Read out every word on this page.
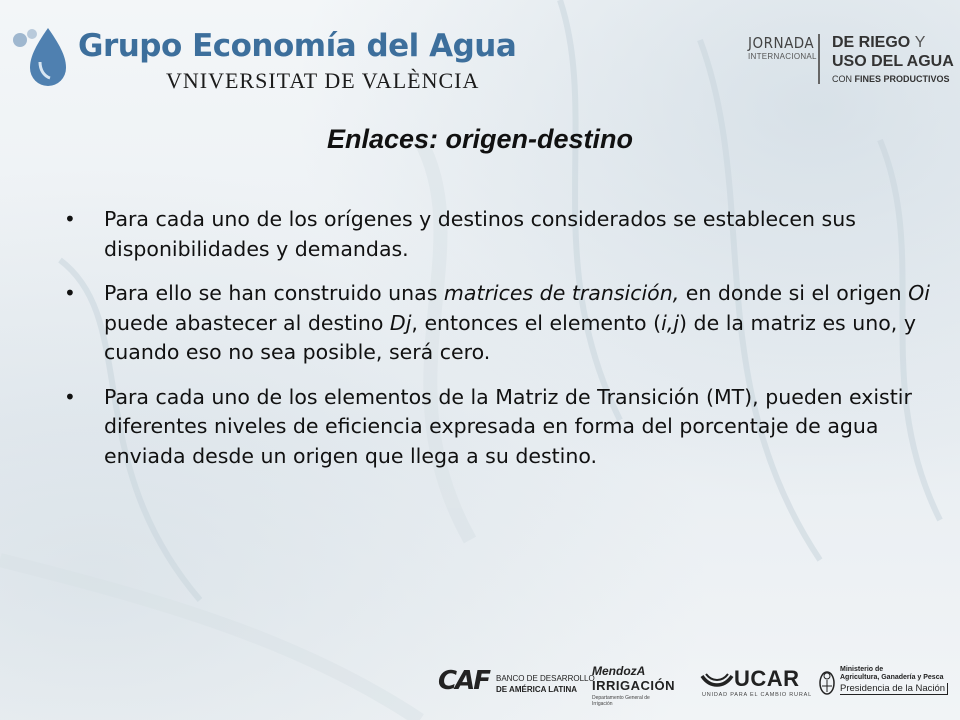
Grupo Economía del Agua
VNIVERSITAT DE VALÈNCIA
JORNADA
INTERNACIONAL
DE RIEGO Y
USO DEL AGUA
CON FINES PRODUCTIVOS
Enlaces: origen-destino
• Para cada uno de los orígenes y destinos considerados se establecen sus disponibilidades y demandas.
• Para ello se han construido unas matrices de transición, en donde si el origen Oi puede abastecer al destino Dj, entonces el elemento (i,j) de la matriz es uno, y cuando eso no sea posible, será cero.
• Para cada uno de los elementos de la Matriz de Transición (MT), pueden existir diferentes niveles de eficiencia expresada en forma del porcentaje de agua enviada desde un origen que llega a su destino.
CAF BANCO DE DESARROLLO
DE AMÉRICA LATINA
MendozA
IRRIGACIÓN
Departamento General de Irrigación
UCAR
UNIDAD PARA EL CAMBIO RURAL
Ministerio de
Agricultura, Ganadería y Pesca
Presidencia de la Nación
